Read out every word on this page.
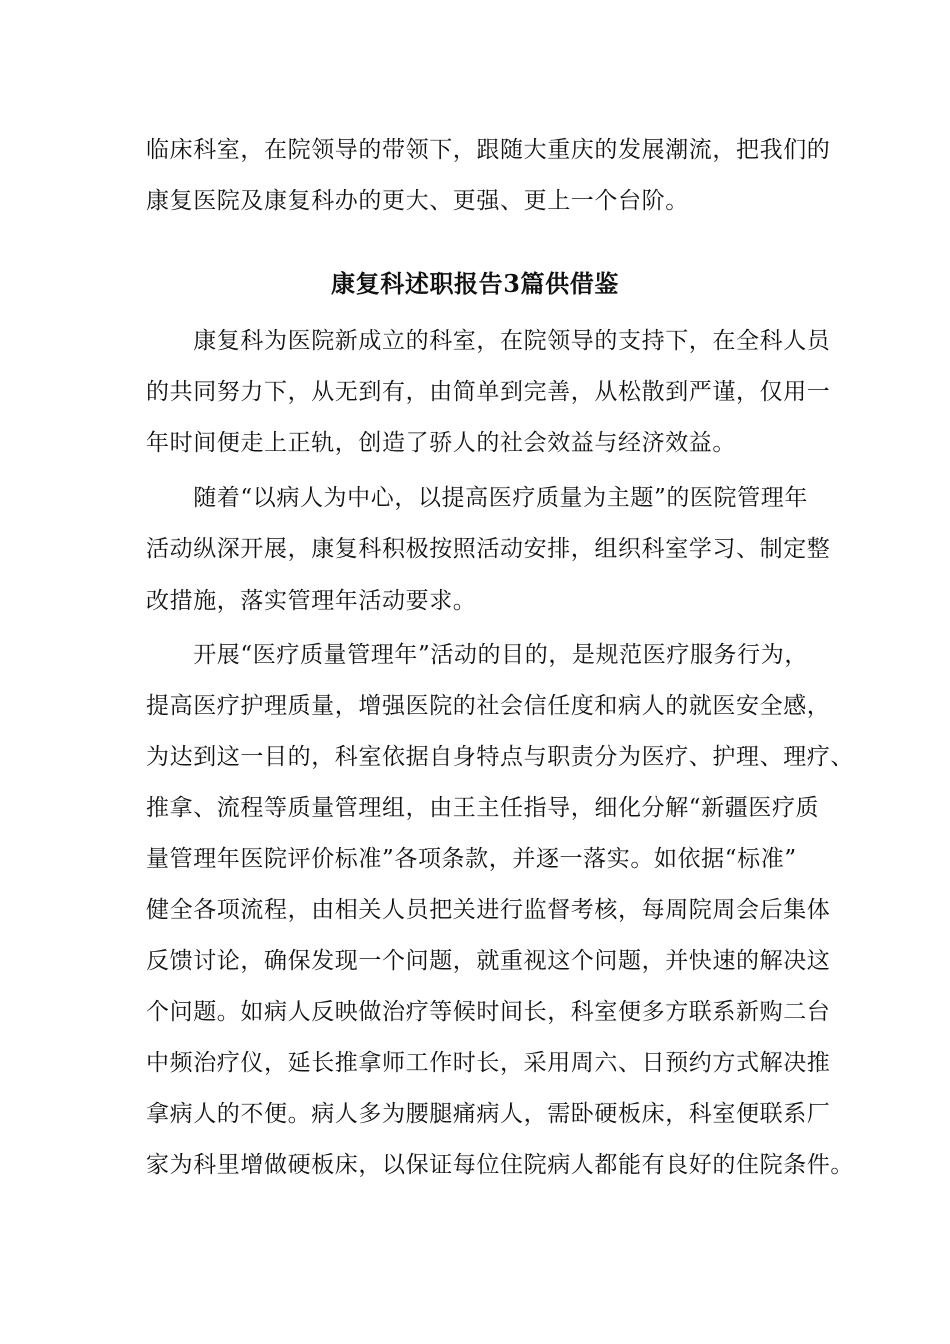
临床科室，在院领导的带领下，跟随大重庆的发展潮流，把我们的
康复医院及康复科办的更大、更强、更上一个台阶。
康复科述职报告3篇供借鉴
　　康复科为医院新成立的科室，在院领导的支持下，在全科人员
的共同努力下，从无到有，由简单到完善，从松散到严谨，仅用一
年时间便走上正轨，创造了骄人的社会效益与经济效益。
　　随着“以病人为中心，以提高医疗质量为主题”的医院管理年
活动纵深开展，康复科积极按照活动安排，组织科室学习、制定整
改措施，落实管理年活动要求。
　　开展“医疗质量管理年”活动的目的，是规范医疗服务行为，
提高医疗护理质量，增强医院的社会信任度和病人的就医安全感，
为达到这一目的，科室依据自身特点与职责分为医疗、护理、理疗、
推拿、流程等质量管理组，由王主任指导，细化分解“新疆医疗质
量管理年医院评价标准”各项条款，并逐一落实。如依据“标准”
健全各项流程，由相关人员把关进行监督考核，每周院周会后集体
反馈讨论，确保发现一个问题，就重视这个问题，并快速的解决这
个问题。如病人反映做治疗等候时间长，科室便多方联系新购二台
中频治疗仪，延长推拿师工作时长，采用周六、日预约方式解决推
拿病人的不便。病人多为腰腿痛病人，需卧硬板床，科室便联系厂
家为科里增做硬板床，以保证每位住院病人都能有良好的住院条件。
